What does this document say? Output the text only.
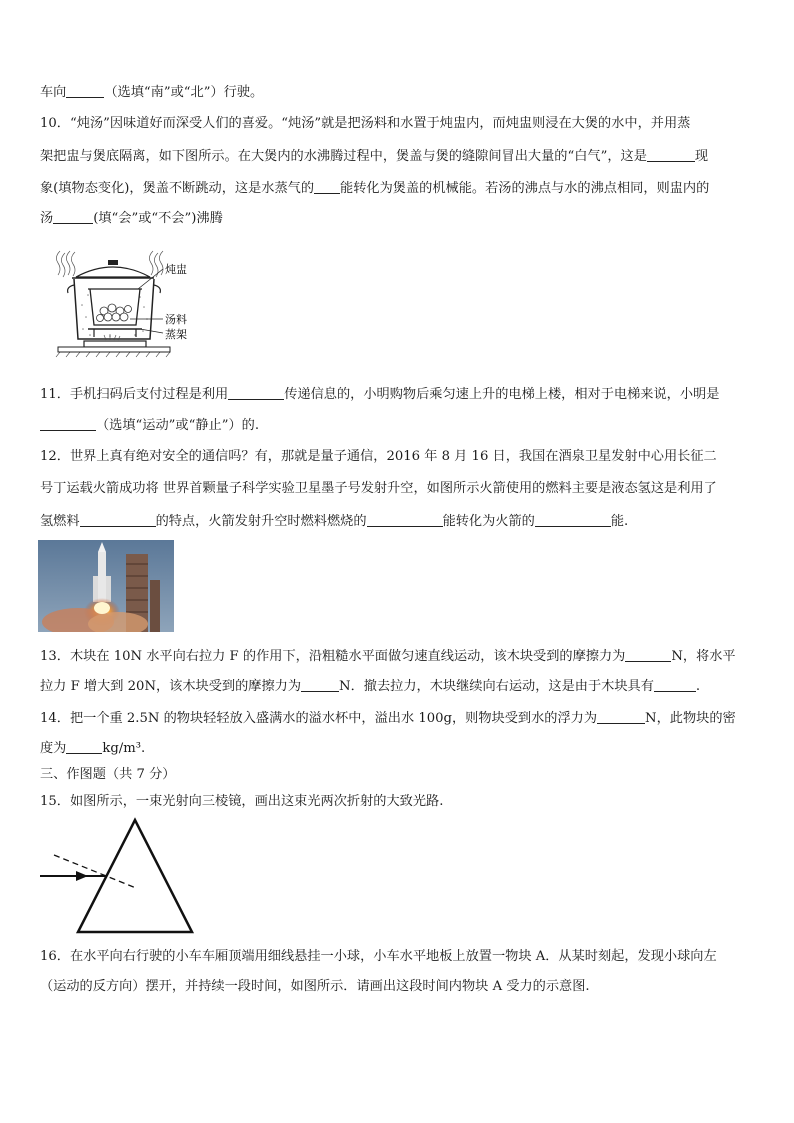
车向	（选填“南”或“北”）行驶。
10．“炖汤”因味道好而深受人们的喜爱。“炖汤”就是把汤料和水置于炖盅内，而炖盅则浸在大煲的水中，并用蒸
架把盅与煲底隔离，如下图所示。在大煲内的水沸腾过程中，煲盖与煲的缝隙间冒出大量的“白气”，这是	现
象(填物态变化)，煲盖不断跳动，这是水蒸气的 能转化为煲盖的机械能。若汤的沸点与水的沸点相同，则盅内的
汤	(填“会”或“不会”)沸腾
炖盅
汤料
蒸架
11．手机扫码后支付过程是利用	传递信息的，小明购物后乘匀速上升的电梯上楼，相对于电梯来说，小明是
（选填“运动”或“静止”）的.
12．世界上真有绝对安全的通信吗？有，那就是量子通信，2016 年 8 月 16 日，我国在酒泉卫星发射中心用长征二
号丁运载火箭成功将 世界首颗量子科学实验卫星墨子号发射升空，如图所示火箭使用的燃料主要是液态氢这是利用了
氢燃料	的特点，火箭发射升空时燃料燃烧的	能转化为火箭的	能.
13．木块在 10N 水平向右拉力 F 的作用下，沿粗糙水平面做匀速直线运动，该木块受到的摩擦力为	N，将水平
拉力 F 增大到 20N，该木块受到的摩擦力为	N．撤去拉力，木块继续向右运动，这是由于木块具有	.
14．把一个重 2.5N 的物块轻轻放入盛满水的溢水杯中，溢出水 100g，则物块受到水的浮力为	N，此物块的密
度为	kg/m³.
三、作图题（共 7 分）
15．如图所示，一束光射向三棱镜，画出这束光两次折射的大致光路.
16．在水平向右行驶的小车车厢顶端用细线悬挂一小球，小车水平地板上放置一物块 A．从某时刻起，发现小球向左
（运动的反方向）摆开，并持续一段时间，如图所示．请画出这段时间内物块 A 受力的示意图.
